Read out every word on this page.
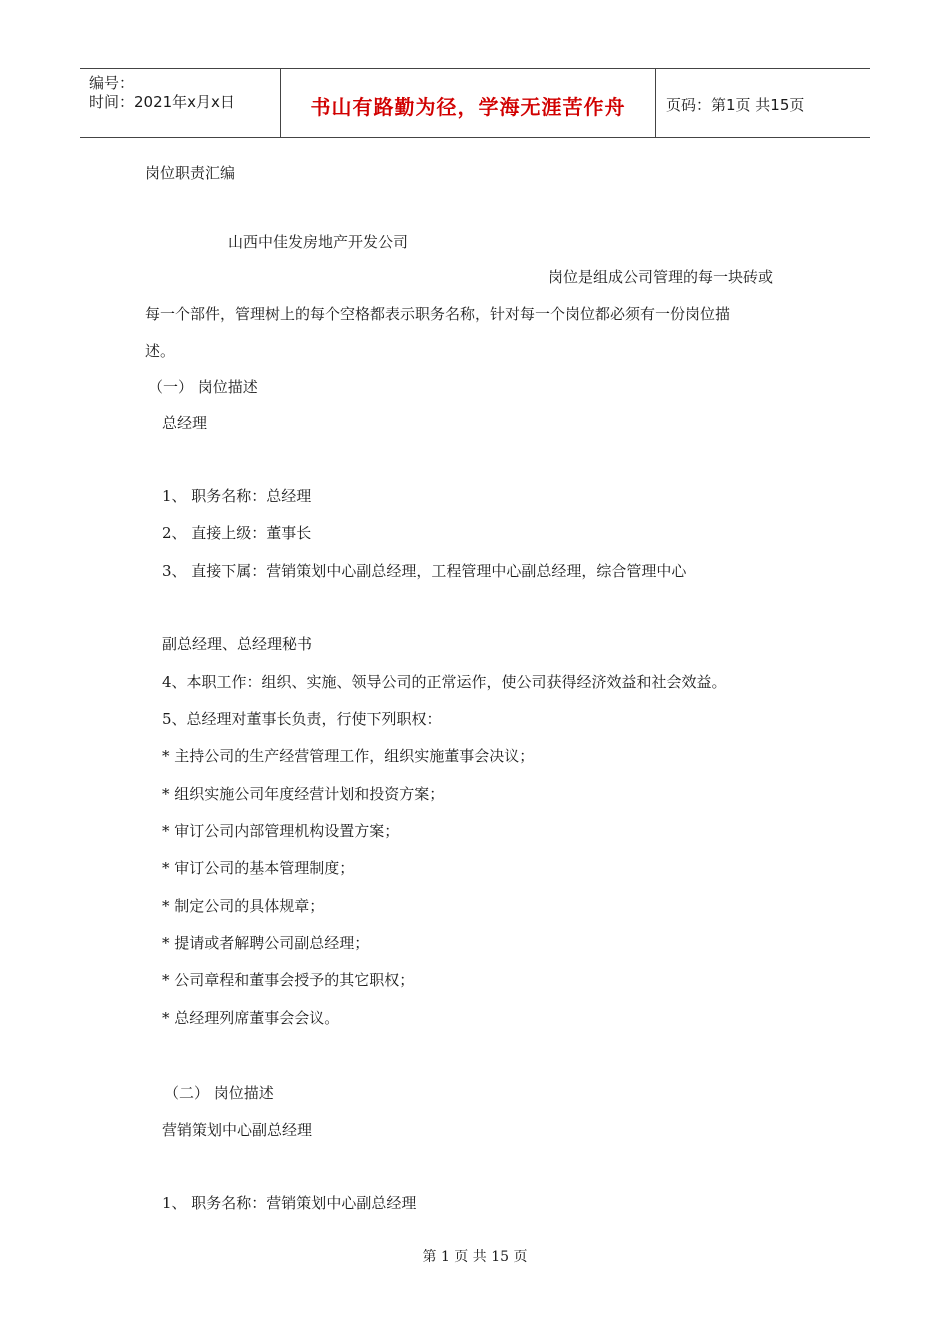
编号：
时间：2021年x月x日	书山有路勤为径，学海无涯苦作舟	页码：第1页 共15页
岗位职责汇编
山西中佳发房地产开发公司
岗位是组成公司管理的每一块砖或
每一个部件，管理树上的每个空格都表示职务名称，针对每一个岗位都必须有一份岗位描
述。
（一） 岗位描述
总经理
1、 职务名称：总经理
2、 直接上级：董事长
3、 直接下属：营销策划中心副总经理，工程管理中心副总经理，综合管理中心
副总经理、总经理秘书
4、本职工作：组织、实施、领导公司的正常运作，使公司获得经济效益和社会效益。
5、总经理对董事长负责，行使下列职权：
* 主持公司的生产经营管理工作，组织实施董事会决议；
* 组织实施公司年度经营计划和投资方案；
* 审订公司内部管理机构设置方案；
* 审订公司的基本管理制度；
* 制定公司的具体规章；
* 提请或者解聘公司副总经理；
* 公司章程和董事会授予的其它职权；
* 总经理列席董事会会议。
（二） 岗位描述
营销策划中心副总经理
1、 职务名称：营销策划中心副总经理
第 1 页 共 15 页
